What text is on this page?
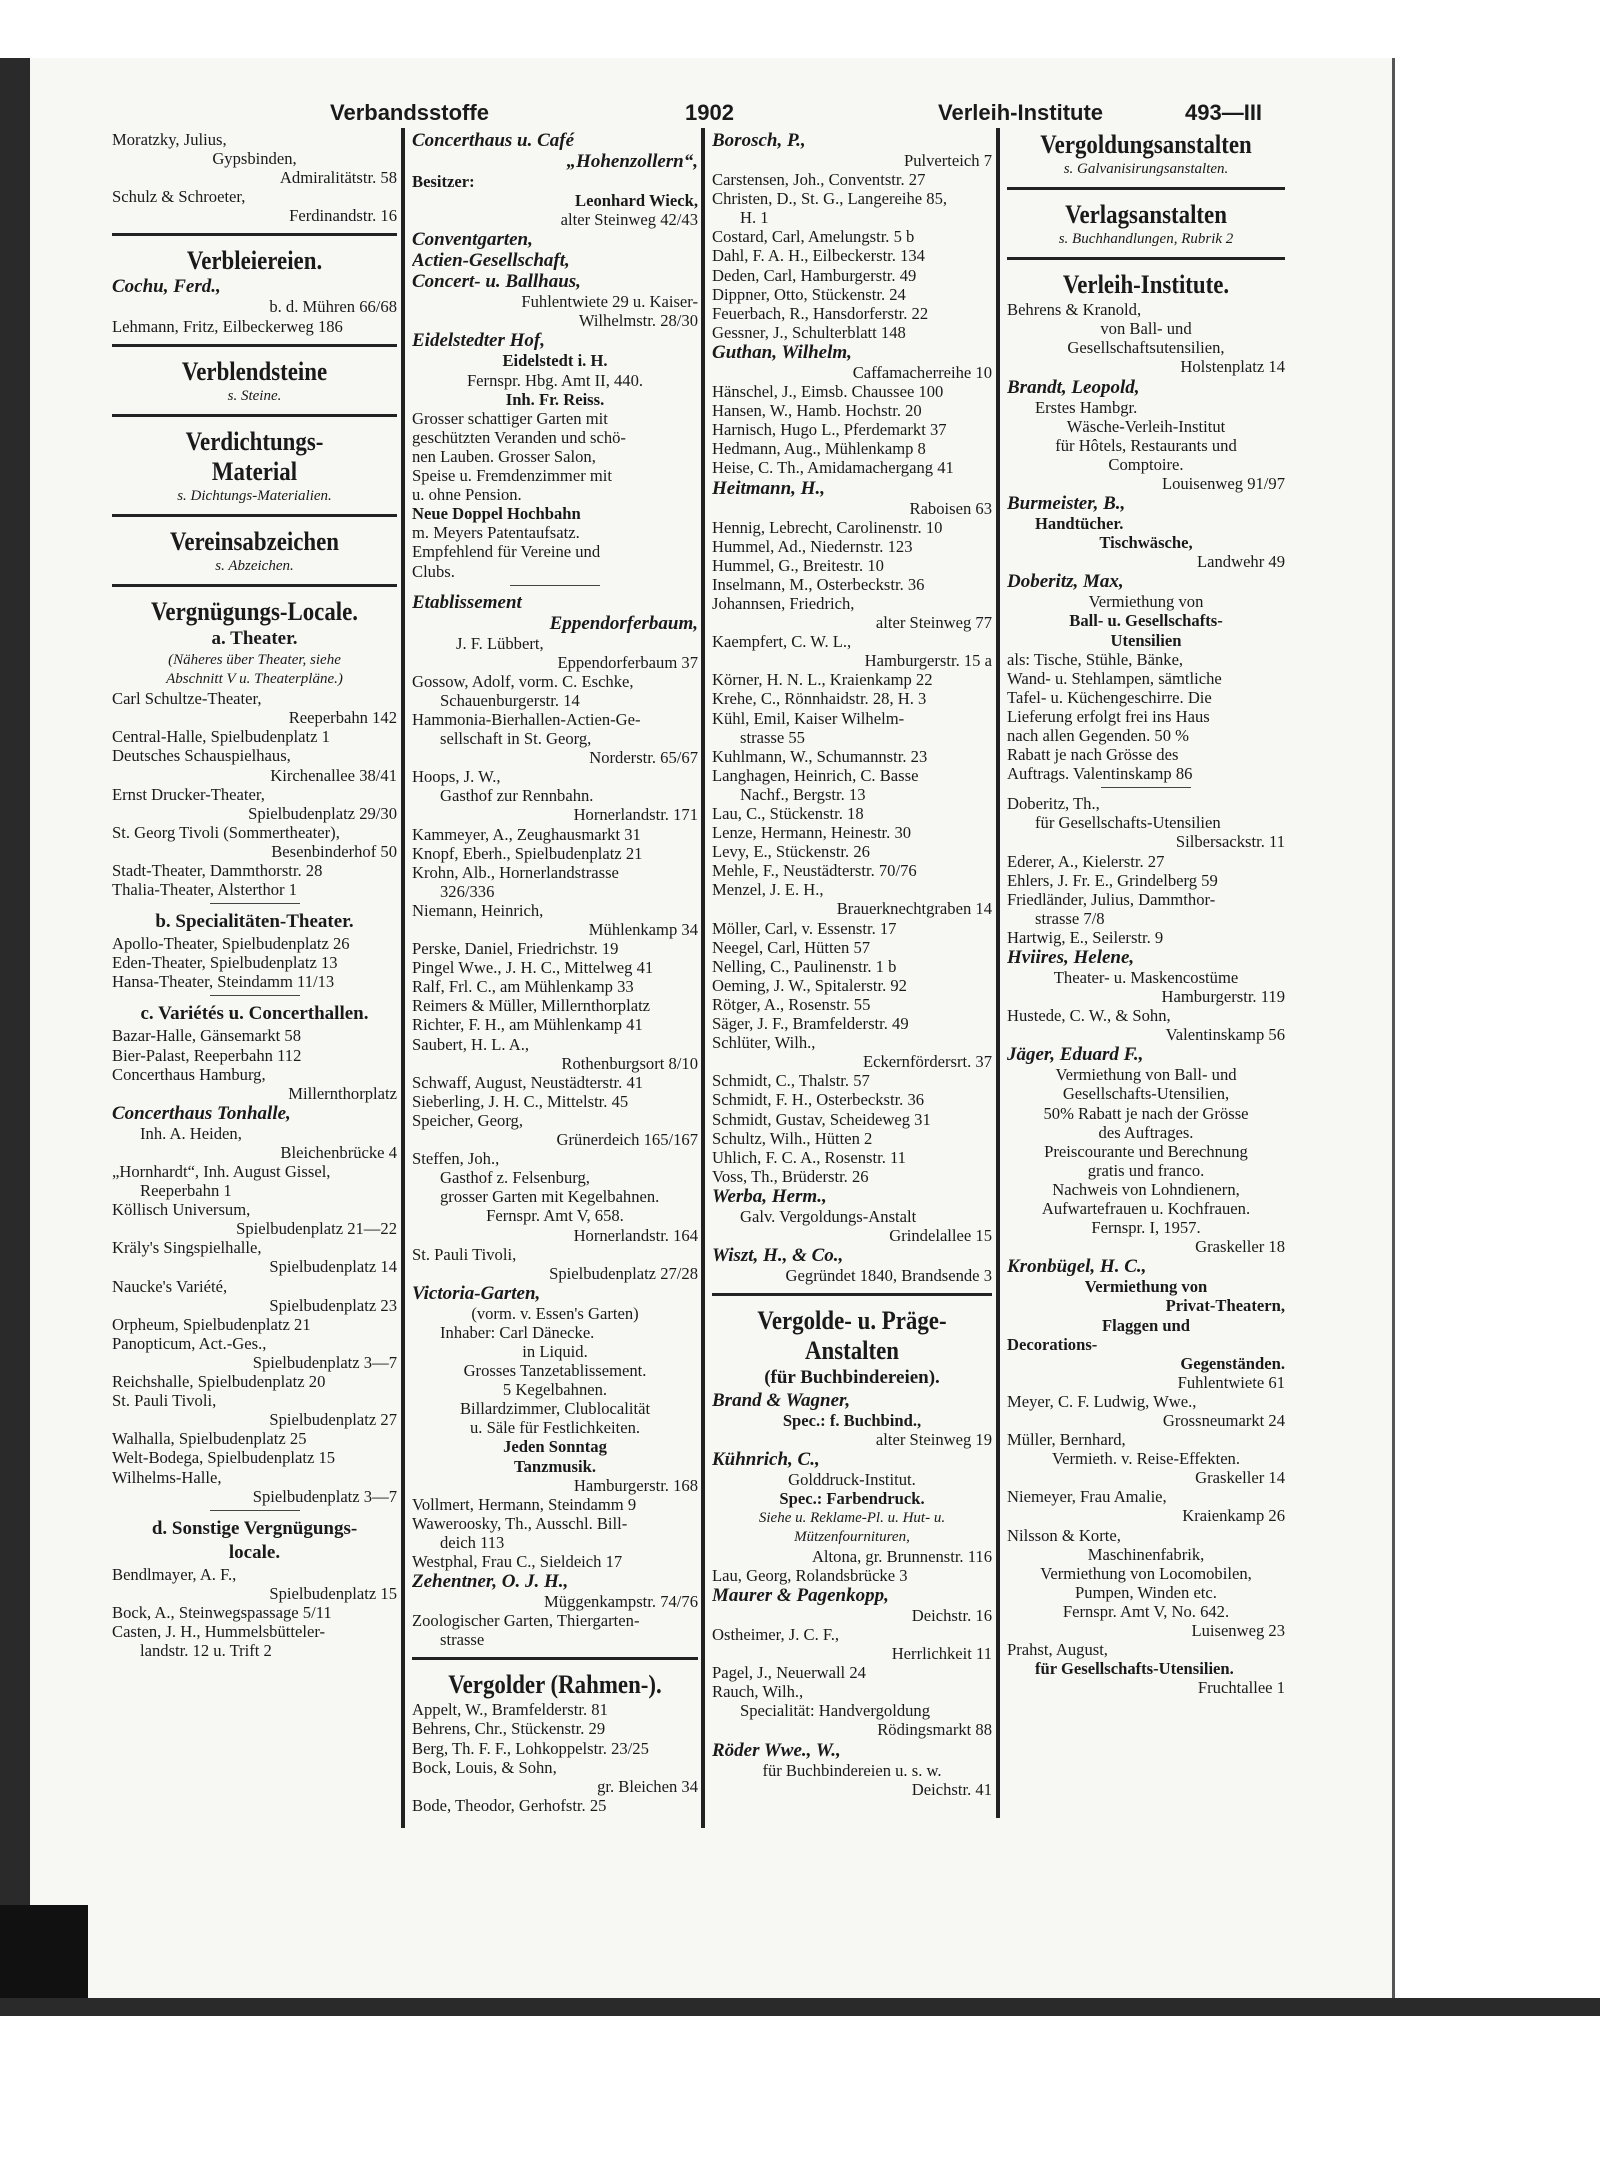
Verbandsstoffe	1902	Verleih-Institute	493—III
Moratzky, Julius,
Gypsbinden,
Admiralitätstr. 58
Schulz & Schroeter,
Ferdinandstr. 16
Verbleiereien.
Cochu, Ferd.,
b. d. Mühren 66/68
Lehmann, Fritz, Eilbeckerweg 186
Verblendsteine
s. Steine.
Verdichtungs-
Material
s. Dichtungs-Materialien.
Vereinsabzeichen
s. Abzeichen.
Vergnügungs-Locale.
a. Theater.
(Näheres über Theater, siehe
Abschnitt V u. Theaterpläne.)
Carl Schultze-Theater,
Reeperbahn 142
Central-Halle, Spielbudenplatz 1
Deutsches Schauspielhaus,
Kirchenallee 38/41
Ernst Drucker-Theater,
Spielbudenplatz 29/30
St. Georg Tivoli (Sommertheater),
Besenbinderhof 50
Stadt-Theater, Dammthorstr. 28
Thalia-Theater, Alsterthor 1
b. Specialitäten-Theater.
Apollo-Theater, Spielbudenplatz 26
Eden-Theater, Spielbudenplatz 13
Hansa-Theater, Steindamm 11/13
c. Variétés u. Concerthallen.
Bazar-Halle, Gänsemarkt 58
Bier-Palast, Reeperbahn 112
Concerthaus Hamburg,
Millernthorplatz
Concerthaus Tonhalle,
Inh. A. Heiden,
Bleichenbrücke 4
„Hornhardt“, Inh. August Gissel,
Reeperbahn 1
Köllisch Universum,
Spielbudenplatz 21—22
Kräly's Singspielhalle,
Spielbudenplatz 14
Naucke's Variété,
Spielbudenplatz 23
Orpheum, Spielbudenplatz 21
Panopticum, Act.-Ges.,
Spielbudenplatz 3—7
Reichshalle, Spielbudenplatz 20
St. Pauli Tivoli,
Spielbudenplatz 27
Walhalla, Spielbudenplatz 25
Welt-Bodega, Spielbudenplatz 15
Wilhelms-Halle,
Spielbudenplatz 3—7
d. Sonstige Vergnügungs-
locale.
Bendlmayer, A. F.,
Spielbudenplatz 15
Bock, A., Steinwegspassage 5/11
Casten, J. H., Hummelsbütteler-
landstr. 12 u. Trift 2
Concerthaus u. Café
„Hohenzollern“,
Besitzer:
Leonhard Wieck,
alter Steinweg 42/43
Conventgarten,
Actien-Gesellschaft,
Concert- u. Ballhaus,
Fuhlentwiete 29 u. Kaiser-
Wilhelmstr. 28/30
Eidelstedter Hof,
Eidelstedt i. H.
Fernspr. Hbg. Amt II, 440.
Inh. Fr. Reiss.
Grosser schattiger Garten mit
geschützten Veranden und schö-
nen Lauben. Grosser Salon,
Speise u. Fremdenzimmer mit
u. ohne Pension.
Neue Doppel Hochbahn
m. Meyers Patentaufsatz.
Empfehlend für Vereine und
Clubs.
Etablissement
Eppendorferbaum,
J. F. Lübbert,
Eppendorferbaum 37
Gossow, Adolf, vorm. C. Eschke,
Schauenburgerstr. 14
Hammonia-Bierhallen-Actien-Ge-
sellschaft in St. Georg,
Norderstr. 65/67
Hoops, J. W.,
Gasthof zur Rennbahn.
Hornerlandstr. 171
Kammeyer, A., Zeughausmarkt 31
Knopf, Eberh., Spielbudenplatz 21
Krohn, Alb., Hornerlandstrasse
326/336
Niemann, Heinrich,
Mühlenkamp 34
Perske, Daniel, Friedrichstr. 19
Pingel Wwe., J. H. C., Mittelweg 41
Ralf, Frl. C., am Mühlenkamp 33
Reimers & Müller, Millernthorplatz
Richter, F. H., am Mühlenkamp 41
Saubert, H. L. A.,
Rothenburgsort 8/10
Schwaff, August, Neustädterstr. 41
Sieberling, J. H. C., Mittelstr. 45
Speicher, Georg,
Grünerdeich 165/167
Steffen, Joh.,
Gasthof z. Felsenburg,
grosser Garten mit Kegelbahnen.
Fernspr. Amt V, 658.
Hornerlandstr. 164
St. Pauli Tivoli,
Spielbudenplatz 27/28
Victoria-Garten,
(vorm. v. Essen's Garten)
Inhaber: Carl Dänecke.
in Liquid.
Grosses Tanzetablissement.
5 Kegelbahnen.
Billardzimmer, Clublocalität
u. Säle für Festlichkeiten.
Jeden Sonntag
Tanzmusik.
Hamburgerstr. 168
Vollmert, Hermann, Steindamm 9
Waweroosky, Th., Ausschl. Bill-
deich 113
Westphal, Frau C., Sieldeich 17
Zehentner, O. J. H.,
Müggenkampstr. 74/76
Zoologischer Garten, Thiergarten-
strasse
Vergolder (Rahmen-).
Appelt, W., Bramfelderstr. 81
Behrens, Chr., Stückenstr. 29
Berg, Th. F. F., Lohkoppelstr. 23/25
Bock, Louis, & Sohn,
gr. Bleichen 34
Bode, Theodor, Gerhofstr. 25
Borosch, P.,
Pulverteich 7
Carstensen, Joh., Conventstr. 27
Christen, D., St. G., Langereihe 85,
H. 1
Costard, Carl, Amelungstr. 5 b
Dahl, F. A. H., Eilbeckerstr. 134
Deden, Carl, Hamburgerstr. 49
Dippner, Otto, Stückenstr. 24
Feuerbach, R., Hansdorferstr. 22
Gessner, J., Schulterblatt 148
Guthan, Wilhelm,
Caffamacherreihe 10
Hänschel, J., Eimsb. Chaussee 100
Hansen, W., Hamb. Hochstr. 20
Harnisch, Hugo L., Pferdemarkt 37
Hedmann, Aug., Mühlenkamp 8
Heise, C. Th., Amidamachergang 41
Heitmann, H.,
Raboisen 63
Hennig, Lebrecht, Carolinenstr. 10
Hummel, Ad., Niedernstr. 123
Hummel, G., Breitestr. 10
Inselmann, M., Osterbeckstr. 36
Johannsen, Friedrich,
alter Steinweg 77
Kaempfert, C. W. L.,
Hamburgerstr. 15 a
Körner, H. N. L., Kraienkamp 22
Krehe, C., Rönnhaidstr. 28, H. 3
Kühl, Emil, Kaiser Wilhelm-
strasse 55
Kuhlmann, W., Schumannstr. 23
Langhagen, Heinrich, C. Basse
Nachf., Bergstr. 13
Lau, C., Stückenstr. 18
Lenze, Hermann, Heinestr. 30
Levy, E., Stückenstr. 26
Mehle, F., Neustädterstr. 70/76
Menzel, J. E. H.,
Brauerknechtgraben 14
Möller, Carl, v. Essenstr. 17
Neegel, Carl, Hütten 57
Nelling, C., Paulinenstr. 1 b
Oeming, J. W., Spitalerstr. 92
Rötger, A., Rosenstr. 55
Säger, J. F., Bramfelderstr. 49
Schlüter, Wilh.,
Eckernfördersrt. 37
Schmidt, C., Thalstr. 57
Schmidt, F. H., Osterbeckstr. 36
Schmidt, Gustav, Scheideweg 31
Schultz, Wilh., Hütten 2
Uhlich, F. C. A., Rosenstr. 11
Voss, Th., Brüderstr. 26
Werba, Herm.,
Galv. Vergoldungs-Anstalt
Grindelallee 15
Wiszt, H., & Co.,
Gegründet 1840, Brandsende 3
Vergolde- u. Präge-
Anstalten
(für Buchbindereien).
Brand & Wagner,
Spec.: f. Buchbind.,
alter Steinweg 19
Kühnrich, C.,
Golddruck-Institut.
Spec.: Farbendruck.
Siehe u. Reklame-Pl. u. Hut- u.
Mützenfournituren,
Altona, gr. Brunnenstr. 116
Lau, Georg, Rolandsbrücke 3
Maurer & Pagenkopp,
Deichstr. 16
Ostheimer, J. C. F.,
Herrlichkeit 11
Pagel, J., Neuerwall 24
Rauch, Wilh.,
Specialität: Handvergoldung
Rödingsmarkt 88
Röder Wwe., W.,
für Buchbindereien u. s. w.
Deichstr. 41
Vergoldungsanstalten
s. Galvanisirungsanstalten.
Verlagsanstalten
s. Buchhandlungen, Rubrik 2
Verleih-Institute.
Behrens & Kranold,
von Ball- und
Gesellschaftsutensilien,
Holstenplatz 14
Brandt, Leopold,
Erstes Hambgr.
Wäsche-Verleih-Institut
für Hôtels, Restaurants und
Comptoire.
Louisenweg 91/97
Burmeister, B.,
Handtücher.
Tischwäsche,
Landwehr 49
Doberitz, Max,
Vermiethung von
Ball- u. Gesellschafts-
Utensilien
als: Tische, Stühle, Bänke,
Wand- u. Stehlampen, sämtliche
Tafel- u. Küchengeschirre. Die
Lieferung erfolgt frei ins Haus
nach allen Gegenden. 50 %
Rabatt je nach Grösse des
Auftrags. Valentinskamp 86
Doberitz, Th.,
für Gesellschafts-Utensilien
Silbersackstr. 11
Ederer, A., Kielerstr. 27
Ehlers, J. Fr. E., Grindelberg 59
Friedländer, Julius, Dammthor-
strasse 7/8
Hartwig, E., Seilerstr. 9
Hviires, Helene,
Theater- u. Maskencostüme
Hamburgerstr. 119
Hustede, C. W., & Sohn,
Valentinskamp 56
Jäger, Eduard F.,
Vermiethung von Ball- und
Gesellschafts-Utensilien,
50% Rabatt je nach der Grösse
des Auftrages.
Preiscourante und Berechnung
gratis und franco.
Nachweis von Lohndienern,
Aufwartefrauen u. Kochfrauen.
Fernspr. I, 1957.
Graskeller 18
Kronbügel, H. C.,
Vermiethung von
Privat-Theatern,
Flaggen und
Decorations-
Gegenständen.
Fuhlentwiete 61
Meyer, C. F. Ludwig, Wwe.,
Grossneumarkt 24
Müller, Bernhard,
Vermieth. v. Reise-Effekten.
Graskeller 14
Niemeyer, Frau Amalie,
Kraienkamp 26
Nilsson & Korte,
Maschinenfabrik,
Vermiethung von Locomobilen,
Pumpen, Winden etc.
Fernspr. Amt V, No. 642.
Luisenweg 23
Prahst, August,
für Gesellschafts-Utensilien.
Fruchtallee 1
